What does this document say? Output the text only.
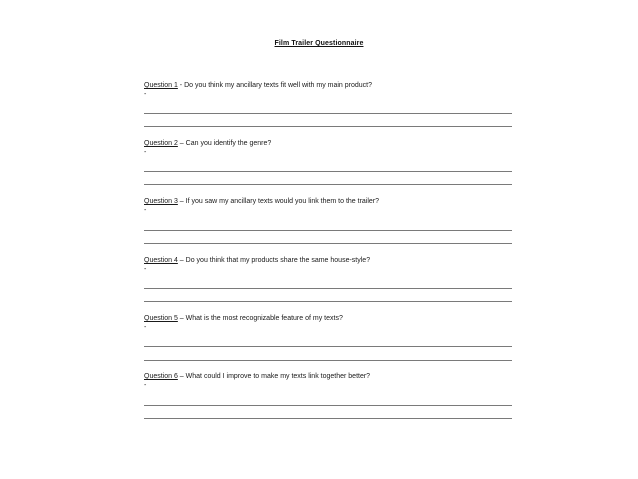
Film Trailer Questionnaire
Question 1 - Do you think my ancillary texts fit well with my main product?
-
Question 2 – Can you identify the genre?
-
Question 3 – If you saw my ancillary texts would you link them to the trailer?
-
Question 4 – Do you think that my products share the same house-style?
-
Question 5 – What is the most recognizable feature of my texts?
-
Question 6 – What could I improve to make my texts link together better?
-
